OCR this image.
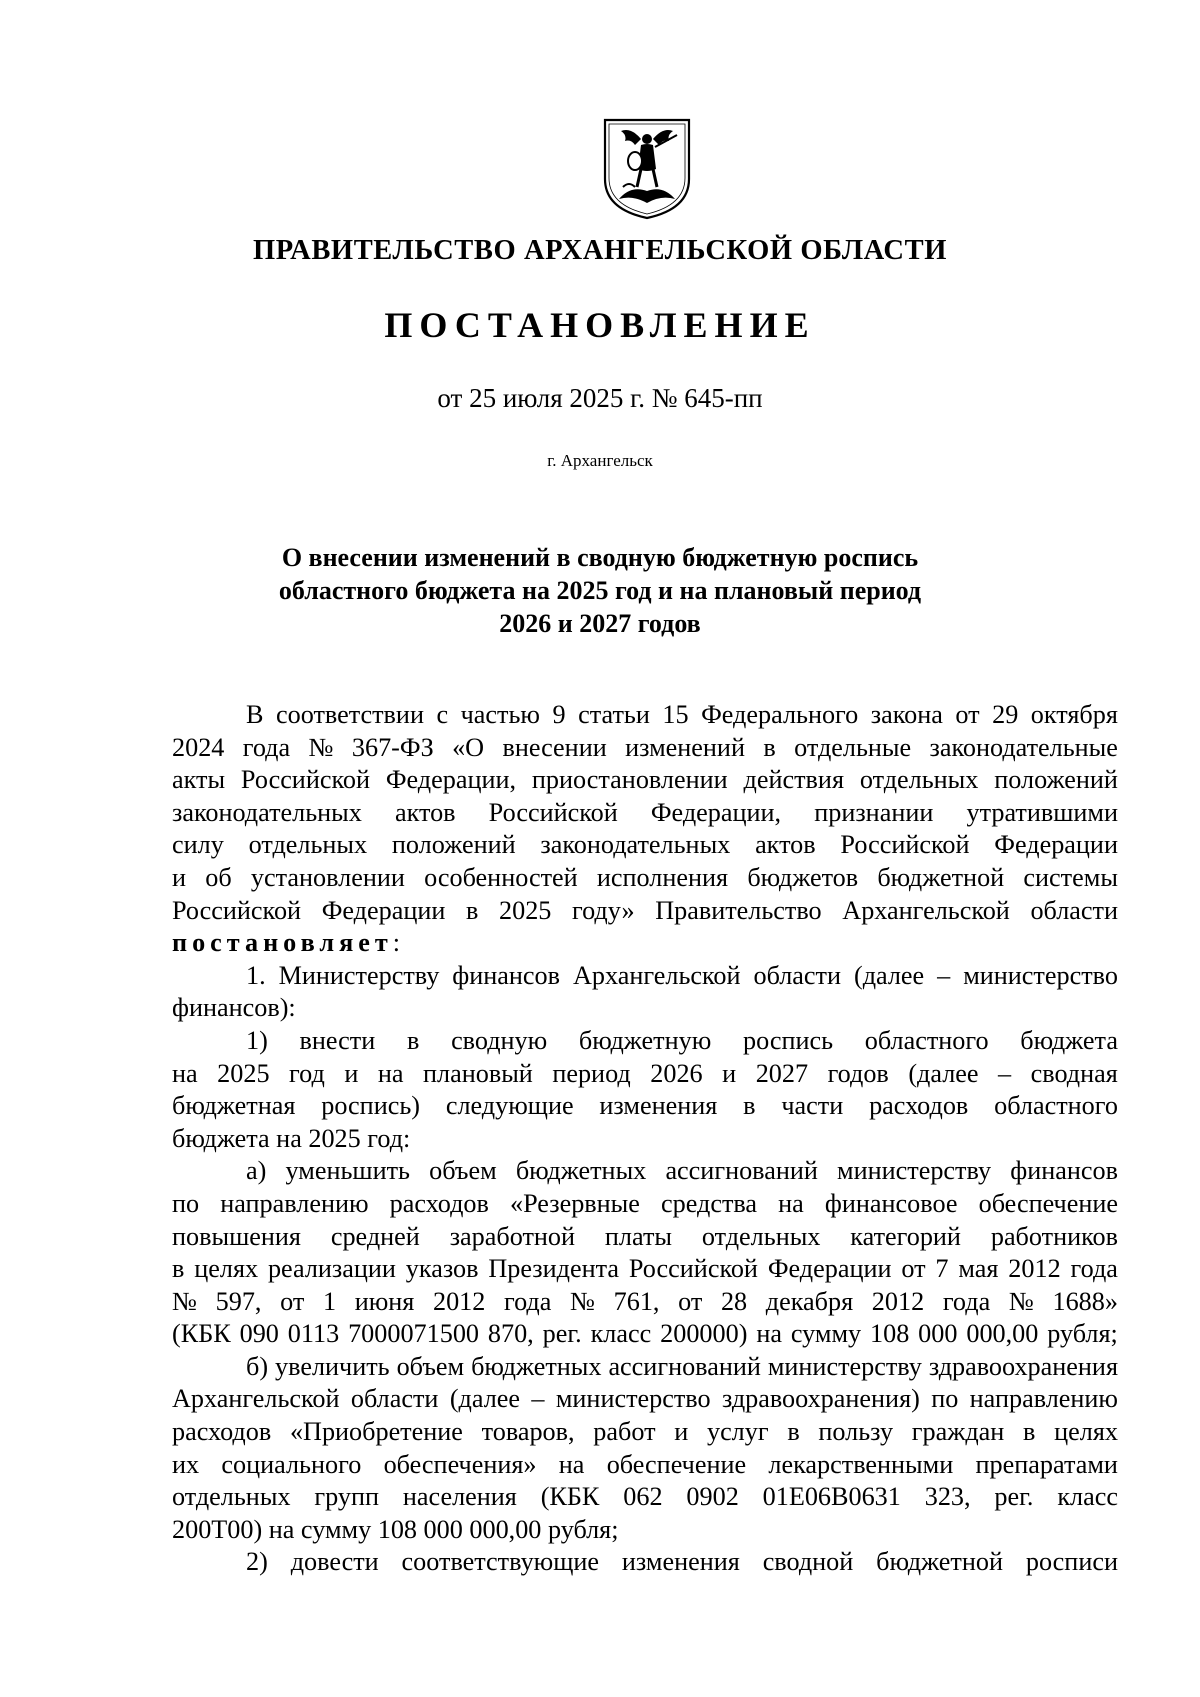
ПРАВИТЕЛЬСТВО АРХАНГЕЛЬСКОЙ ОБЛАСТИ
ПОСТАНОВЛЕНИЕ
от 25 июля 2025 г. № 645-пп
г. Архангельск
О внесении изменений в сводную бюджетную роспись
областного бюджета на 2025 год и на плановый период
2026 и 2027 годов
В соответствии с частью 9 статьи 15 Федерального закона от 29 октября
2024 года № 367-ФЗ «О внесении изменений в отдельные законодательные
акты Российской Федерации, приостановлении действия отдельных положений
законодательных актов Российской Федерации, признании утратившими
силу отдельных положений законодательных актов Российской Федерации
и об установлении особенностей исполнения бюджетов бюджетной системы
Российской Федерации в 2025 году» Правительство Архангельской области
постановляет :
1. Министерству финансов Архангельской области (далее – министерство
финансов):
1) внести в сводную бюджетную роспись областного бюджета
на 2025 год и на плановый период 2026 и 2027 годов (далее – сводная
бюджетная роспись) следующие изменения в части расходов областного
бюджета на 2025 год:
а) уменьшить объем бюджетных ассигнований министерству финансов
по направлению расходов «Резервные средства на финансовое обеспечение
повышения средней заработной платы отдельных категорий работников
в целях реализации указов Президента Российской Федерации от 7 мая 2012 года
№ 597, от 1 июня 2012 года № 761, от 28 декабря 2012 года № 1688»
(КБК 090 0113 7000071500 870, рег. класс 200000) на сумму 108 000 000,00 рубля;
б) увеличить объем бюджетных ассигнований министерству здравоохранения
Архангельской области (далее – министерство здравоохранения) по направлению
расходов «Приобретение товаров, работ и услуг в пользу граждан в целях
их социального обеспечения» на обеспечение лекарственными препаратами
отдельных групп населения (КБК 062 0902 01Е06В0631 323, рег. класс
200Т00) на сумму 108 000 000,00 рубля;
2) довести соответствующие изменения сводной бюджетной росписи
